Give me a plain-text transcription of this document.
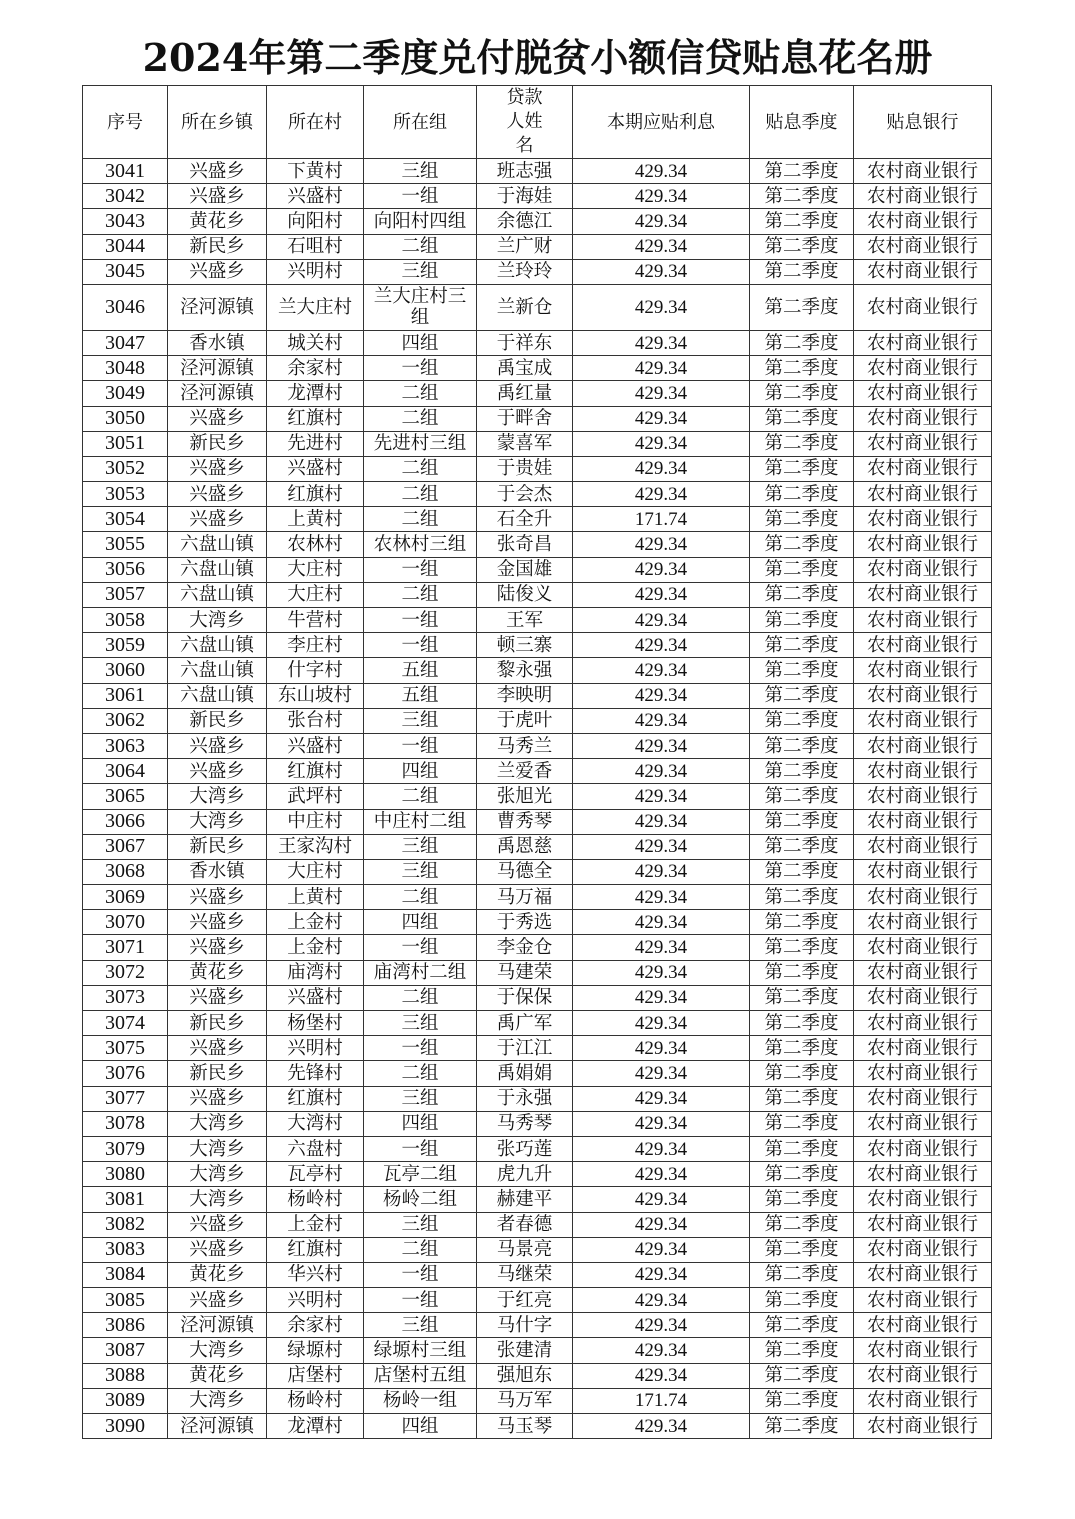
2024年第二季度兑付脱贫小额信贷贴息花名册
序号	所在乡镇	所在村	所在组	贷款人姓名	本期应贴利息	贴息季度	贴息银行
3041	兴盛乡	下黄村	三组	班志强	429.34	第二季度	农村商业银行
3042	兴盛乡	兴盛村	一组	于海娃	429.34	第二季度	农村商业银行
3043	黄花乡	向阳村	向阳村四组	余德江	429.34	第二季度	农村商业银行
3044	新民乡	石咀村	二组	兰广财	429.34	第二季度	农村商业银行
3045	兴盛乡	兴明村	三组	兰玲玲	429.34	第二季度	农村商业银行
3046	泾河源镇	兰大庄村	兰大庄村三组	兰新仓	429.34	第二季度	农村商业银行
3047	香水镇	城关村	四组	于祥东	429.34	第二季度	农村商业银行
3048	泾河源镇	余家村	一组	禹宝成	429.34	第二季度	农村商业银行
3049	泾河源镇	龙潭村	二组	禹红量	429.34	第二季度	农村商业银行
3050	兴盛乡	红旗村	二组	于畔舍	429.34	第二季度	农村商业银行
3051	新民乡	先进村	先进村三组	蒙喜军	429.34	第二季度	农村商业银行
3052	兴盛乡	兴盛村	二组	于贵娃	429.34	第二季度	农村商业银行
3053	兴盛乡	红旗村	二组	于会杰	429.34	第二季度	农村商业银行
3054	兴盛乡	上黄村	二组	石全升	171.74	第二季度	农村商业银行
3055	六盘山镇	农林村	农林村三组	张奇昌	429.34	第二季度	农村商业银行
3056	六盘山镇	大庄村	一组	金国雄	429.34	第二季度	农村商业银行
3057	六盘山镇	大庄村	二组	陆俊义	429.34	第二季度	农村商业银行
3058	大湾乡	牛营村	一组	王军	429.34	第二季度	农村商业银行
3059	六盘山镇	李庄村	一组	顿三寨	429.34	第二季度	农村商业银行
3060	六盘山镇	什字村	五组	黎永强	429.34	第二季度	农村商业银行
3061	六盘山镇	东山坡村	五组	李映明	429.34	第二季度	农村商业银行
3062	新民乡	张台村	三组	于虎叶	429.34	第二季度	农村商业银行
3063	兴盛乡	兴盛村	一组	马秀兰	429.34	第二季度	农村商业银行
3064	兴盛乡	红旗村	四组	兰爱香	429.34	第二季度	农村商业银行
3065	大湾乡	武坪村	二组	张旭光	429.34	第二季度	农村商业银行
3066	大湾乡	中庄村	中庄村二组	曹秀琴	429.34	第二季度	农村商业银行
3067	新民乡	王家沟村	三组	禹恩慈	429.34	第二季度	农村商业银行
3068	香水镇	大庄村	三组	马德全	429.34	第二季度	农村商业银行
3069	兴盛乡	上黄村	二组	马万福	429.34	第二季度	农村商业银行
3070	兴盛乡	上金村	四组	于秀选	429.34	第二季度	农村商业银行
3071	兴盛乡	上金村	一组	李金仓	429.34	第二季度	农村商业银行
3072	黄花乡	庙湾村	庙湾村二组	马建荣	429.34	第二季度	农村商业银行
3073	兴盛乡	兴盛村	二组	于保保	429.34	第二季度	农村商业银行
3074	新民乡	杨堡村	三组	禹广军	429.34	第二季度	农村商业银行
3075	兴盛乡	兴明村	一组	于江江	429.34	第二季度	农村商业银行
3076	新民乡	先锋村	二组	禹娟娟	429.34	第二季度	农村商业银行
3077	兴盛乡	红旗村	三组	于永强	429.34	第二季度	农村商业银行
3078	大湾乡	大湾村	四组	马秀琴	429.34	第二季度	农村商业银行
3079	大湾乡	六盘村	一组	张巧莲	429.34	第二季度	农村商业银行
3080	大湾乡	瓦亭村	瓦亭二组	虎九升	429.34	第二季度	农村商业银行
3081	大湾乡	杨岭村	杨岭二组	赫建平	429.34	第二季度	农村商业银行
3082	兴盛乡	上金村	三组	者春德	429.34	第二季度	农村商业银行
3083	兴盛乡	红旗村	二组	马景亮	429.34	第二季度	农村商业银行
3084	黄花乡	华兴村	一组	马继荣	429.34	第二季度	农村商业银行
3085	兴盛乡	兴明村	一组	于红亮	429.34	第二季度	农村商业银行
3086	泾河源镇	余家村	三组	马什字	429.34	第二季度	农村商业银行
3087	大湾乡	绿塬村	绿塬村三组	张建清	429.34	第二季度	农村商业银行
3088	黄花乡	店堡村	店堡村五组	强旭东	429.34	第二季度	农村商业银行
3089	大湾乡	杨岭村	杨岭一组	马万军	171.74	第二季度	农村商业银行
3090	泾河源镇	龙潭村	四组	马玉琴	429.34	第二季度	农村商业银行
